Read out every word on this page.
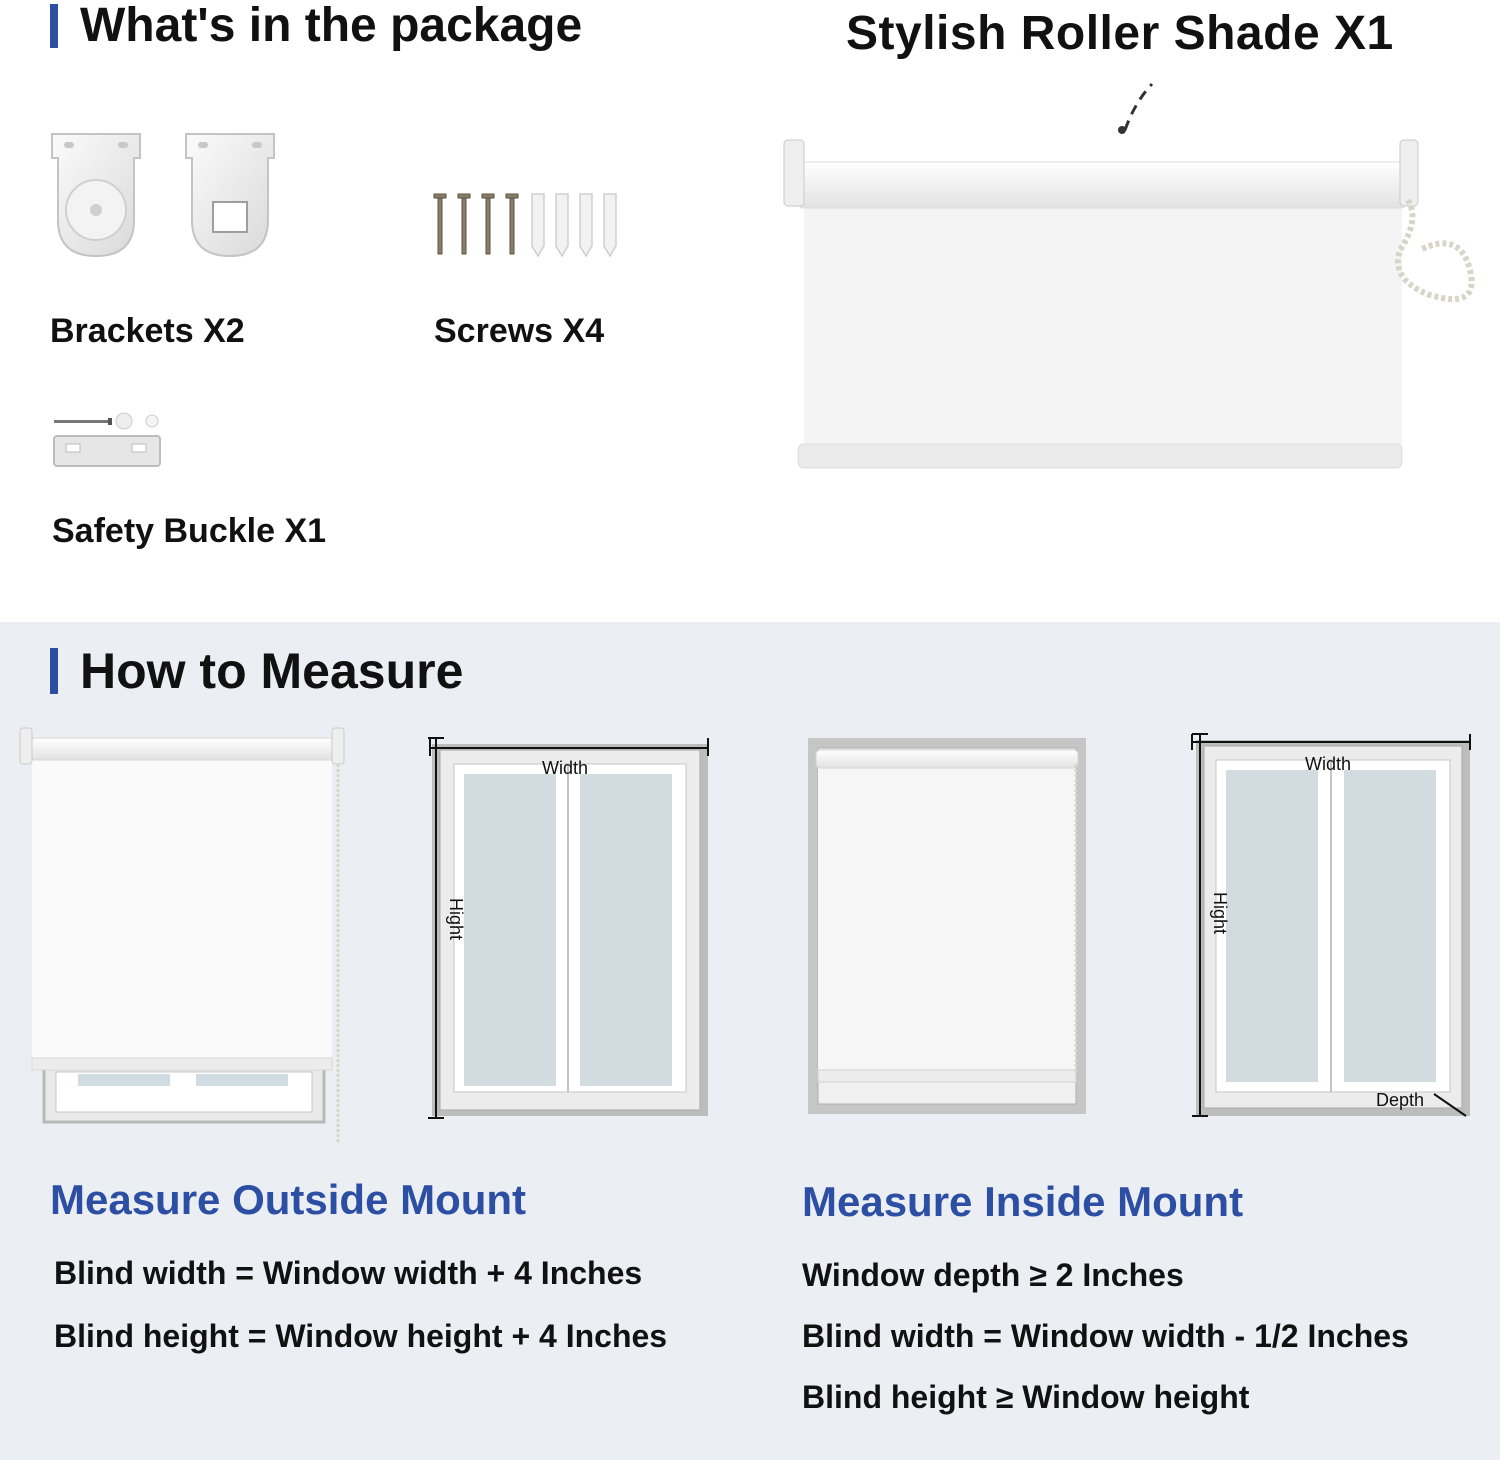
What's in the package	Stylish Roller Shade X1
Brackets X2	Screws X4
Safety Buckle X1
How to Measure
Width
Hight
Width
Hight
Depth
Measure Outside Mount
Blind width = Window width + 4 Inches
Blind height = Window height + 4 Inches
Measure Inside Mount
Window depth ≥ 2 Inches
Blind width = Window width - 1/2 Inches
Blind height ≥ Window height
